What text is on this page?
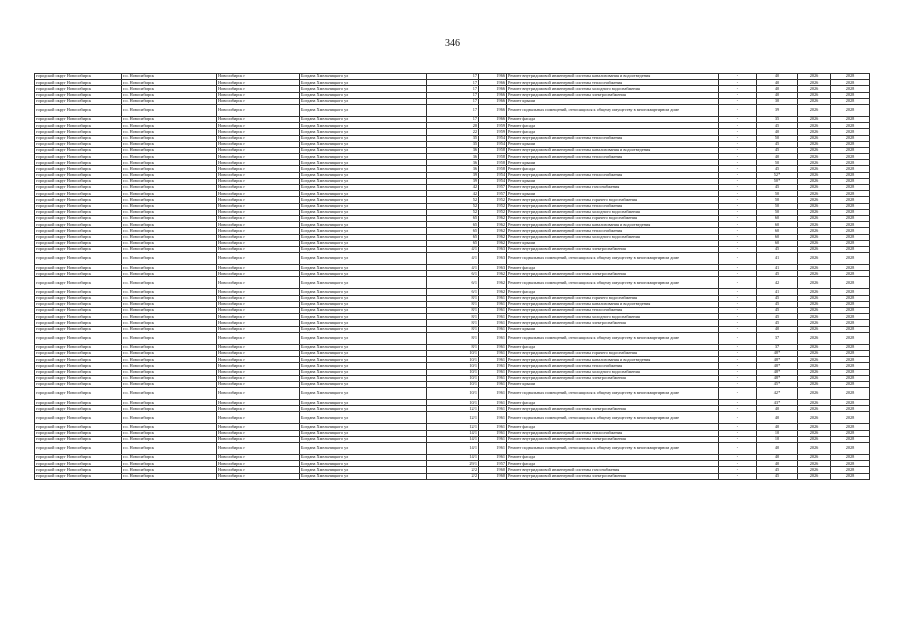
346
городской округ Новосибирск	г.о. Новосибирск	Новосибирск г	Богдана Хмельницкого ул	17	1966	Ремонт внутридомовой инженерной системы канализования и водоотведения	-	40	2026	2028
городской округ Новосибирск	г.о. Новосибирск	Новосибирск г	Богдана Хмельницкого ул	17	1966	Ремонт внутридомовой инженерной системы теплоснабжения	-	40	2026	2028
городской округ Новосибирск	г.о. Новосибирск	Новосибирск г	Богдана Хмельницкого ул	17	1966	Ремонт внутридомовой инженерной системы холодного водоснабжения	-	40	2026	2028
городской округ Новосибирск	г.о. Новосибирск	Новосибирск г	Богдана Хмельницкого ул	17	1966	Ремонт внутридомовой инженерной системы электроснабжения	-	40	2026	2028
городской округ Новосибирск	г.о. Новосибирск	Новосибирск г	Богдана Хмельницкого ул	17	1966	Ремонт крыши	-	30	2026	2028
городской округ Новосибирск	г.о. Новосибирск	Новосибирск г	Богдана Хмельницкого ул	17	1966	Ремонт подвальных помещений, относящихся к общему имуществу в многоквартирном доме	-	39	2026	2028
городской округ Новосибирск	г.о. Новосибирск	Новосибирск г	Богдана Хмельницкого ул	17	1966	Ремонт фасада	-	35	2026	2028
городской округ Новосибирск	г.о. Новосибирск	Новосибирск г	Богдана Хмельницкого ул	20	1959	Ремонт фасада	-	45	2026	2028
городской округ Новосибирск	г.о. Новосибирск	Новосибирск г	Богдана Хмельницкого ул	22	1959	Ремонт фасада	-	40	2026	2028
городской округ Новосибирск	г.о. Новосибирск	Новосибирск г	Богдана Хмельницкого ул	35	1954	Ремонт внутридомовой инженерной системы теплоснабжения	-	50	2026	2028
городской округ Новосибирск	г.о. Новосибирск	Новосибирск г	Богдана Хмельницкого ул	35	1954	Ремонт крыши	-	45	2026	2028
городской округ Новосибирск	г.о. Новосибирск	Новосибирск г	Богдана Хмельницкого ул	36	1958	Ремонт внутридомовой инженерной системы канализования и водоотведения	-	45	2026	2028
городской округ Новосибирск	г.о. Новосибирск	Новосибирск г	Богдана Хмельницкого ул	36	1958	Ремонт внутридомовой инженерной системы теплоснабжения	-	40	2026	2028
городской округ Новосибирск	г.о. Новосибирск	Новосибирск г	Богдана Хмельницкого ул	36	1958	Ремонт крыши	-	50	2026	2028
городской округ Новосибирск	г.о. Новосибирск	Новосибирск г	Богдана Хмельницкого ул	36	1958	Ремонт фасада	-	45	2026	2028
городской округ Новосибирск	г.о. Новосибирск	Новосибирск г	Богдана Хмельницкого ул	39	1954	Ремонт внутридомовой инженерной системы теплоснабжения	-	52*	2026	2028
городской округ Новосибирск	г.о. Новосибирск	Новосибирск г	Богдана Хмельницкого ул	39	1954	Ремонт крыши	-	50*	2026	2028
городской округ Новосибирск	г.о. Новосибирск	Новосибирск г	Богдана Хмельницкого ул	42	1957	Ремонт внутридомовой инженерной системы газоснабжения	-	45	2026	2028
городской округ Новосибирск	г.о. Новосибирск	Новосибирск г	Богдана Хмельницкого ул	42	1957	Ремонт крыши	-	50	2026	2028
городской округ Новосибирск	г.о. Новосибирск	Новосибирск г	Богдана Хмельницкого ул	52	1952	Ремонт внутридомовой инженерной системы горячего водоснабжения	-	50	2026	2028
городской округ Новосибирск	г.о. Новосибирск	Новосибирск г	Богдана Хмельницкого ул	52	1952	Ремонт внутридомовой инженерной системы теплоснабжения	-	50	2026	2028
городской округ Новосибирск	г.о. Новосибирск	Новосибирск г	Богдана Хмельницкого ул	52	1952	Ремонт внутридомовой инженерной системы холодного водоснабжения	-	50	2026	2028
городской округ Новосибирск	г.о. Новосибирск	Новосибирск г	Богдана Хмельницкого ул	65	1962	Ремонт внутридомовой инженерной системы горячего водоснабжения	-	60	2026	2028
городской округ Новосибирск	г.о. Новосибирск	Новосибирск г	Богдана Хмельницкого ул	65	1962	Ремонт внутридомовой инженерной системы канализования и водоотведения	-	60	2026	2028
городской округ Новосибирск	г.о. Новосибирск	Новосибирск г	Богдана Хмельницкого ул	65	1962	Ремонт внутридомовой инженерной системы теплоснабжения	-	60	2026	2028
городской округ Новосибирск	г.о. Новосибирск	Новосибирск г	Богдана Хмельницкого ул	65	1962	Ремонт внутридомовой инженерной системы холодного водоснабжения	-	60	2026	2028
городской округ Новосибирск	г.о. Новосибирск	Новосибирск г	Богдана Хмельницкого ул	65	1962	Ремонт крыши	-	60	2026	2028
городской округ Новосибирск	г.о. Новосибирск	Новосибирск г	Богдана Хмельницкого ул	4/1	1963	Ремонт внутридомовой инженерной системы электроснабжения	-	45	2026	2028
городской округ Новосибирск	г.о. Новосибирск	Новосибирск г	Богдана Хмельницкого ул	4/1	1963	Ремонт подвальных помещений, относящихся к общему имуществу в многоквартирном доме	-	41	2026	2028
городской округ Новосибирск	г.о. Новосибирск	Новосибирск г	Богдана Хмельницкого ул	4/1	1963	Ремонт фасада	-	41	2026	2028
городской округ Новосибирск	г.о. Новосибирск	Новосибирск г	Богдана Хмельницкого ул	6/1	1962	Ремонт внутридомовой инженерной системы электроснабжения	-	45	2026	2028
городской округ Новосибирск	г.о. Новосибирск	Новосибирск г	Богдана Хмельницкого ул	6/1	1962	Ремонт подвальных помещений, относящихся к общему имуществу в многоквартирном доме	-	42	2026	2028
городской округ Новосибирск	г.о. Новосибирск	Новосибирск г	Богдана Хмельницкого ул	6/1	1962	Ремонт фасада	-	41	2026	2028
городской округ Новосибирск	г.о. Новосибирск	Новосибирск г	Богдана Хмельницкого ул	8/1	1961	Ремонт внутридомовой инженерной системы горячего водоснабжения	-	45	2026	2028
городской округ Новосибирск	г.о. Новосибирск	Новосибирск г	Богдана Хмельницкого ул	8/1	1961	Ремонт внутридомовой инженерной системы канализования и водоотведения	-	45	2026	2028
городской округ Новосибирск	г.о. Новосибирск	Новосибирск г	Богдана Хмельницкого ул	8/1	1961	Ремонт внутридомовой инженерной системы теплоснабжения	-	45	2026	2028
городской округ Новосибирск	г.о. Новосибирск	Новосибирск г	Богдана Хмельницкого ул	8/1	1961	Ремонт внутридомовой инженерной системы холодного водоснабжения	-	45	2026	2028
городской округ Новосибирск	г.о. Новосибирск	Новосибирск г	Богдана Хмельницкого ул	8/1	1961	Ремонт внутридомовой инженерной системы электроснабжения	-	45	2026	2028
городской округ Новосибирск	г.о. Новосибирск	Новосибирск г	Богдана Хмельницкого ул	8/1	1961	Ремонт крыши	-	40	2026	2028
городской округ Новосибирск	г.о. Новосибирск	Новосибирск г	Богдана Хмельницкого ул	8/1	1961	Ремонт подвальных помещений, относящихся к общему имуществу в многоквартирном доме	-	37	2026	2028
городской округ Новосибирск	г.о. Новосибирск	Новосибирск г	Богдана Хмельницкого ул	8/1	1961	Ремонт фасада	-	37	2026	2028
городской округ Новосибирск	г.о. Новосибирск	Новосибирск г	Богдана Хмельницкого ул	10/1	1961	Ремонт внутридомовой инженерной системы горячего водоснабжения	-	48*	2026	2028
городской округ Новосибирск	г.о. Новосибирск	Новосибирск г	Богдана Хмельницкого ул	10/1	1961	Ремонт внутридомовой инженерной системы канализования и водоотведения	-	48*	2026	2028
городской округ Новосибирск	г.о. Новосибирск	Новосибирск г	Богдана Хмельницкого ул	10/1	1961	Ремонт внутридомовой инженерной системы теплоснабжения	-	48*	2026	2028
городской округ Новосибирск	г.о. Новосибирск	Новосибирск г	Богдана Хмельницкого ул	10/1	1961	Ремонт внутридомовой инженерной системы холодного водоснабжения	-	48*	2026	2028
городской округ Новосибирск	г.о. Новосибирск	Новосибирск г	Богдана Хмельницкого ул	10/1	1961	Ремонт внутридомовой инженерной системы электроснабжения	-	48*	2026	2028
городской округ Новосибирск	г.о. Новосибирск	Новосибирск г	Богдана Хмельницкого ул	10/1	1961	Ремонт крыши	-	45*	2026	2028
городской округ Новосибирск	г.о. Новосибирск	Новосибирск г	Богдана Хмельницкого ул	10/1	1961	Ремонт подвальных помещений, относящихся к общему имуществу в многоквартирном доме	-	42*	2026	2028
городской округ Новосибирск	г.о. Новосибирск	Новосибирск г	Богдана Хмельницкого ул	10/1	1961	Ремонт фасада	-	43*	2026	2028
городской округ Новосибирск	г.о. Новосибирск	Новосибирск г	Богдана Хмельницкого ул	12/1	1961	Ремонт внутридомовой инженерной системы электроснабжения	-	40	2026	2028
городской округ Новосибирск	г.о. Новосибирск	Новосибирск г	Богдана Хмельницкого ул	12/1	1961	Ремонт подвальных помещений, относящихся к общему имуществу в многоквартирном доме	-	40	2026	2028
городской округ Новосибирск	г.о. Новосибирск	Новосибирск г	Богдана Хмельницкого ул	12/1	1961	Ремонт фасада	-	40	2026	2028
городской округ Новосибирск	г.о. Новосибирск	Новосибирск г	Богдана Хмельницкого ул	14/1	1961	Ремонт внутридомовой инженерной системы теплоснабжения	-	10	2026	2028
городской округ Новосибирск	г.о. Новосибирск	Новосибирск г	Богдана Хмельницкого ул	14/1	1961	Ремонт внутридомовой инженерной системы электроснабжения	-	10	2026	2028
городской округ Новосибирск	г.о. Новосибирск	Новосибирск г	Богдана Хмельницкого ул	14/1	1961	Ремонт подвальных помещений, относящихся к общему имуществу в многоквартирном доме	-	40	2026	2028
городской округ Новосибирск	г.о. Новосибирск	Новосибирск г	Богдана Хмельницкого ул	14/1	1961	Ремонт фасада	-	40	2026	2028
городской округ Новосибирск	г.о. Новосибирск	Новосибирск г	Богдана Хмельницкого ул	29/1	1957	Ремонт фасада	-	40	2026	2028
городской округ Новосибирск	г.о. Новосибирск	Новосибирск г	Богдана Хмельницкого ул	2/2	1960	Ремонт внутридомовой инженерной системы газоснабжения	-	45	2026	2028
городской округ Новосибирск	г.о. Новосибирск	Новосибирск г	Богдана Хмельницкого ул	2/2	1960	Ремонт внутридомовой инженерной системы электроснабжения	-	45	2026	2028
